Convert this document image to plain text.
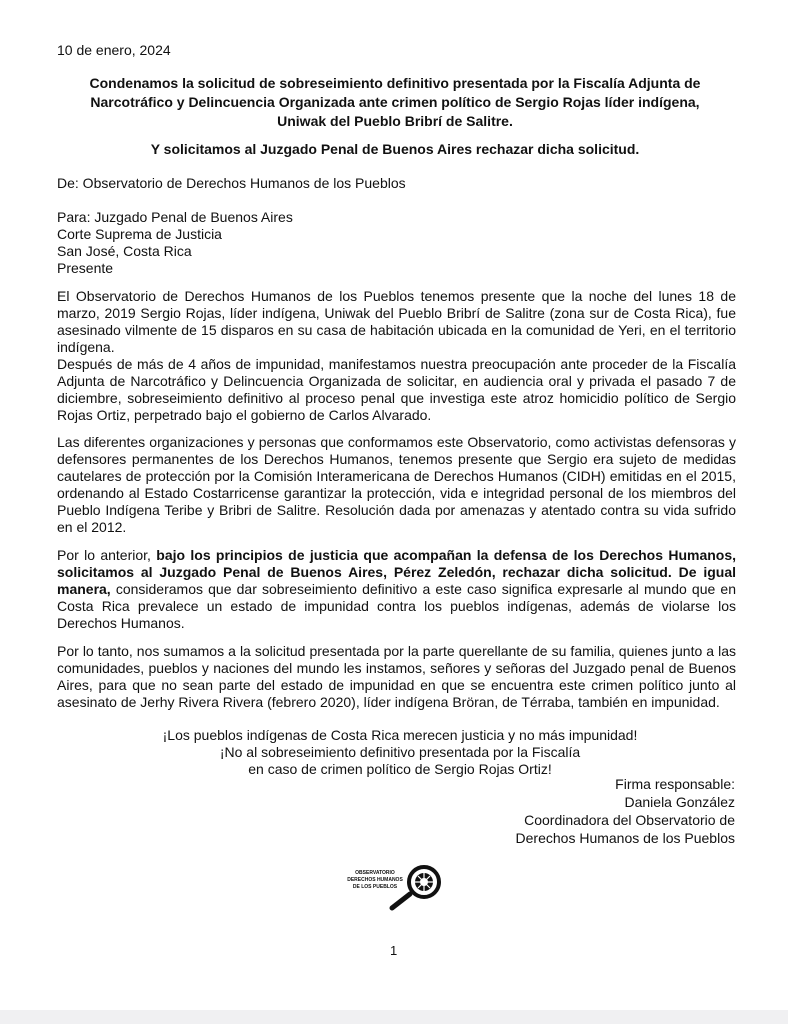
10 de enero, 2024
Condenamos la solicitud de sobreseimiento definitivo presentada por la Fiscalía Adjunta de Narcotráfico y Delincuencia Organizada ante crimen político de Sergio Rojas líder indígena, Uniwak del Pueblo Bribrí de Salitre.
Y solicitamos al Juzgado Penal de Buenos Aires rechazar dicha solicitud.
De: Observatorio de Derechos Humanos de los Pueblos
Para: Juzgado Penal de Buenos Aires
Corte Suprema de Justicia
San José, Costa Rica
Presente
El Observatorio de Derechos Humanos de los Pueblos tenemos presente que la noche del lunes 18 de marzo, 2019 Sergio Rojas, líder indígena, Uniwak del Pueblo Bribrí de Salitre (zona sur de Costa Rica), fue asesinado vilmente de 15 disparos en su casa de habitación ubicada en la comunidad de Yeri, en el territorio indígena.
Después de más de 4 años de impunidad, manifestamos nuestra preocupación ante proceder de la Fiscalía Adjunta de Narcotráfico y Delincuencia Organizada de solicitar, en audiencia oral y privada el pasado 7 de diciembre, sobreseimiento definitivo al proceso penal que investiga este atroz homicidio político de Sergio Rojas Ortiz, perpetrado bajo el gobierno de Carlos Alvarado.
Las diferentes organizaciones y personas que conformamos este Observatorio, como activistas defensoras y defensores permanentes de los Derechos Humanos, tenemos presente que Sergio era sujeto de medidas cautelares de protección por la Comisión Interamericana de Derechos Humanos (CIDH) emitidas en el 2015, ordenando al Estado Costarricense garantizar la protección, vida e integridad personal de los miembros del Pueblo Indígena Teribe y Bribri de Salitre. Resolución dada por amenazas y atentado contra su vida sufrido en el 2012.
Por lo anterior, bajo los principios de justicia que acompañan la defensa de los Derechos Humanos, solicitamos al Juzgado Penal de Buenos Aires, Pérez Zeledón, rechazar dicha solicitud. De igual manera, consideramos que dar sobreseimiento definitivo a este caso significa expresarle al mundo que en Costa Rica prevalece un estado de impunidad contra los pueblos indígenas, además de violarse los Derechos Humanos.
Por lo tanto, nos sumamos a la solicitud presentada por la parte querellante de su familia, quienes junto a las comunidades, pueblos y naciones del mundo les instamos, señores y señoras del Juzgado penal de Buenos Aires, para que no sean parte del estado de impunidad en que se encuentra este crimen político junto al asesinato de Jerhy Rivera Rivera (febrero 2020), líder indígena Bröran, de Térraba, también en impunidad.
¡Los pueblos indígenas de Costa Rica merecen justicia y no más impunidad!
¡No al sobreseimiento definitivo presentada por la Fiscalía
en caso de crimen político de Sergio Rojas Ortiz!
Firma responsable:
Daniela González
Coordinadora del Observatorio de
Derechos Humanos de los Pueblos
OBSERVATORIO
DERECHOS HUMANOS
DE LOS PUEBLOS
1
